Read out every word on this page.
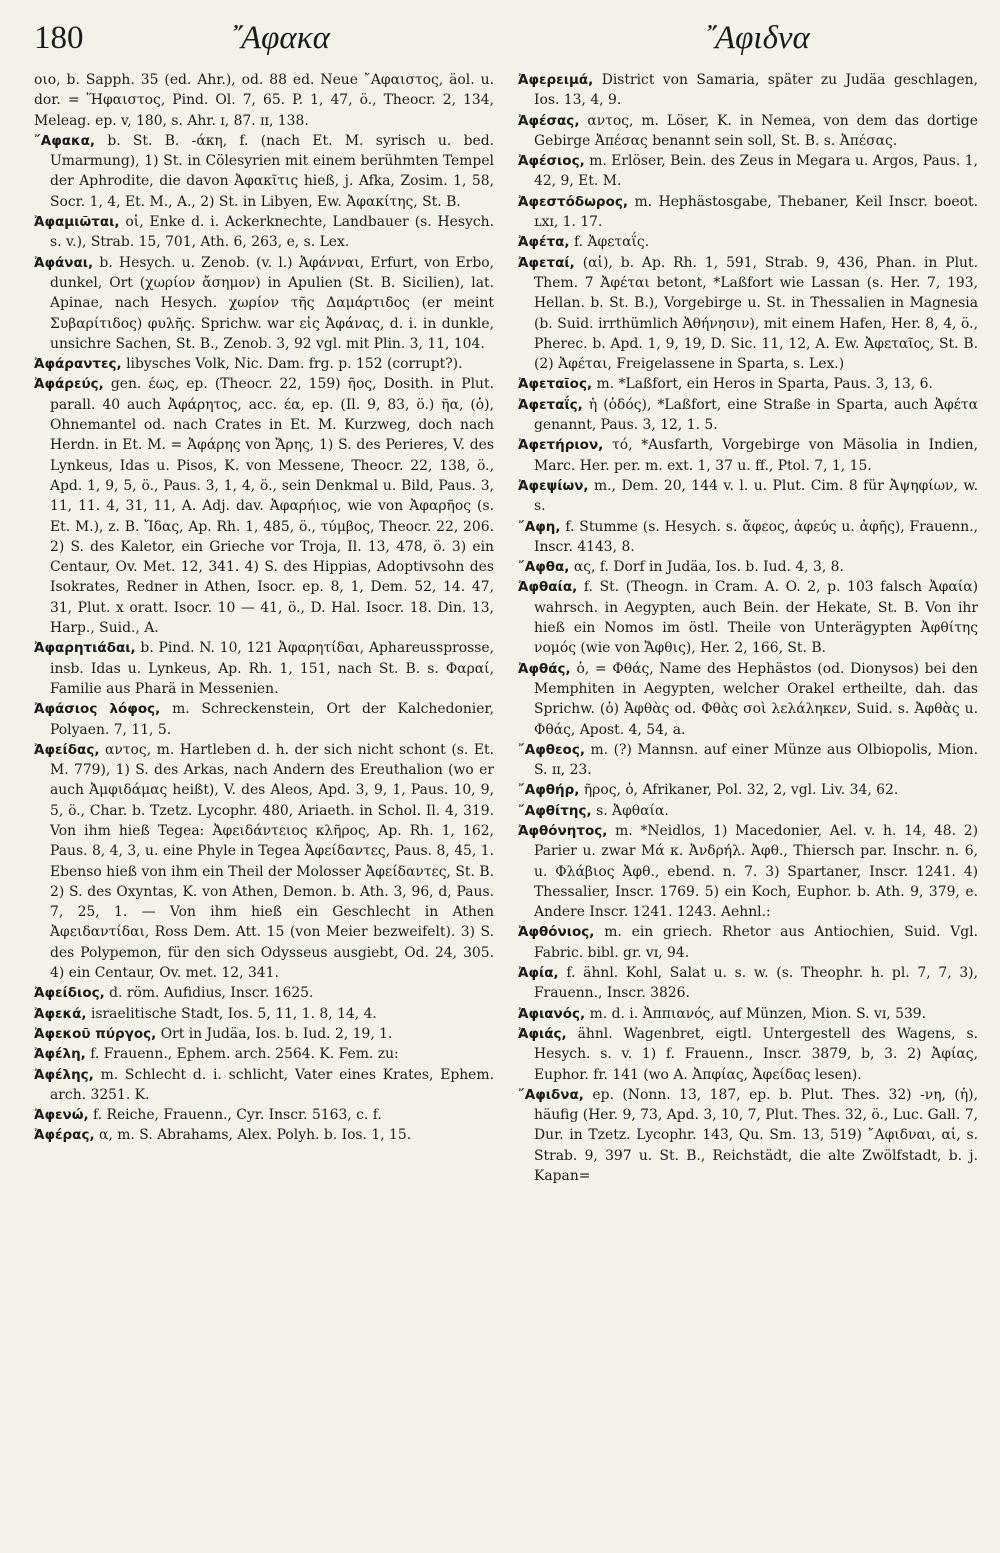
180	῎Αφακα	῎Αφιδνα

οιο, b. Sapph. 35 (ed. Ahr.), od. 88 ed. Neue ῎Αφαιστος, äol. u. dor. = Ἥφαιστος, Pind. Ol. 7, 65. P. 1, 47, ö., Theocr. 2, 134, Meleag. ep. v, 180, s. Ahr. ɪ, 87. ɪɪ, 138.

῎Αφακα, b. St. B. -άκη, f. (nach Et. M. syrisch u. bed. Umarmung), 1) St. in Cölesyrien mit einem berühmten Tempel der Aphrodite, die davon Ἀφακῖτις hieß, j. Afka, Zosim. 1, 58, Socr. 1, 4, Et. M., A., 2) St. in Libyen, Ew. Ἀφακίτης, St. B.

Ἀφαμιῶται, οἱ, Enke d. i. Ackerknechte, Landbauer (s. Hesych. s. v.), Strab. 15, 701, Ath. 6, 263, e, s. Lex.

Ἀφάναι, b. Hesych. u. Zenob. (v. l.) Ἀφάνναι, Erfurt, von Erbo, dunkel, Ort (χωρίον ἄσημον) in Apulien (St. B. Sicilien), lat. Apinae, nach Hesych. χωρίον τῆς Δαμάρτιδος (er meint Συβαρίτιδος) φυλῆς. Sprichw. war εἰς Ἀφάνας, d. i. in dunkle, unsichre Sachen, St. B., Zenob. 3, 92 vgl. mit Plin. 3, 11, 104.

Ἀφάραντες, libysches Volk, Nic. Dam. frg. p. 152 (corrupt?).

Ἀφάρεύς, gen. έως, ep. (Theocr. 22, 159) ῆος, Dosith. in Plut. parall. 40 auch Ἀφάρητος, acc. έα, ep. (Il. 9, 83, ö.) ῆα, (ὁ), Ohnemantel od. nach Crates in Et. M. Kurzweg, doch nach Herdn. in Et. M. = Ἀφάρης von Ἄρης, 1) S. des Perieres, V. des Lynkeus, Idas u. Pisos, K. von Messene, Theocr. 22, 138, ö., Apd. 1, 9, 5, ö., Paus. 3, 1, 4, ö., sein Denkmal u. Bild, Paus. 3, 11, 11. 4, 31, 11, A. Adj. dav. Ἀφαρήιος, wie von Ἀφαρῆος (s. Et. M.), z. B. Ἴδας, Ap. Rh. 1, 485, ö., τύμβος, Theocr. 22, 206. 2) S. des Kaletor, ein Grieche vor Troja, Il. 13, 478, ö. 3) ein Centaur, Ov. Met. 12, 341. 4) S. des Hippias, Adoptivsohn des Isokrates, Redner in Athen, Isocr. ep. 8, 1, Dem. 52, 14. 47, 31, Plut. x oratt. Isocr. 10 — 41, ö., D. Hal. Isocr. 18. Din. 13, Harp., Suid., A.

Ἀφαρητιάδαι, b. Pind. N. 10, 121 Ἀφαρητίδαι, Aphareussprosse, insb. Idas u. Lynkeus, Ap. Rh. 1, 151, nach St. B. s. Φαραί, Familie aus Pharä in Messenien.

Ἀφάσιος λόφος, m. Schreckenstein, Ort der Kalchedonier, Polyaen. 7, 11, 5.

Ἀφείδας, αντος, m. Hartleben d. h. der sich nicht schont (s. Et. M. 779), 1) S. des Arkas, nach Andern des Ereuthalion (wo er auch Ἀμφιδάμας heißt), V. des Aleos, Apd. 3, 9, 1, Paus. 10, 9, 5, ö., Char. b. Tzetz. Lycophr. 480, Ariaeth. in Schol. Il. 4, 319. Von ihm hieß Tegea: Ἀφειδάντειος κλῆρος, Ap. Rh. 1, 162, Paus. 8, 4, 3, u. eine Phyle in Tegea Ἀφείδαντες, Paus. 8, 45, 1. Ebenso hieß von ihm ein Theil der Molosser Ἀφείδαντες, St. B. 2) S. des Oxyntas, K. von Athen, Demon. b. Ath. 3, 96, d, Paus. 7, 25, 1. — Von ihm hieß ein Geschlecht in Athen Ἀφειδαντίδαι, Ross Dem. Att. 15 (von Meier bezweifelt). 3) S. des Polypemon, für den sich Odysseus ausgiebt, Od. 24, 305. 4) ein Centaur, Ov. met. 12, 341.

Ἀφείδιος, d. röm. Aufidius, Inscr. 1625.

Ἀφεκά, israelitische Stadt, Ios. 5, 11, 1. 8, 14, 4.

Ἀφεκοῦ πύργος, Ort in Judäa, Ios. b. Iud. 2, 19, 1.

Ἀφέλη, f. Frauenn., Ephem. arch. 2564. K. Fem. zu:

Ἀφέλης, m. Schlecht d. i. schlicht, Vater eines Krates, Ephem. arch. 3251. K.

Ἀφενώ, f. Reiche, Frauenn., Cyr. Inscr. 5163, c. f.

Ἀφέρας, α, m. S. Abrahams, Alex. Polyh. b. Ios. 1, 15.

Ἀφερειμά, District von Samaria, später zu Judäa geschlagen, Ios. 13, 4, 9.

Ἀφέσας, αντος, m. Löser, K. in Nemea, von dem das dortige Gebirge Ἀπέσας benannt sein soll, St. B. s. Ἀπέσας.

Ἀφέσιος, m. Erlöser, Bein. des Zeus in Megara u. Argos, Paus. 1, 42, 9, Et. M.

Ἀφεστόδωρος, m. Hephästosgabe, Thebaner, Keil Inscr. boeot. ʟxɪ, 1. 17.

Ἀφέτα, f. Ἀφεταΐς.

Ἀφεταί, (αἱ), b. Ap. Rh. 1, 591, Strab. 9, 436, Phan. in Plut. Them. 7 Ἀφέται betont, *Laßfort wie Lassan (s. Her. 7, 193, Hellan. b. St. B.), Vorgebirge u. St. in Thessalien in Magnesia (b. Suid. irrthümlich Ἀθήνησιν), mit einem Hafen, Her. 8, 4, ö., Pherec. b. Apd. 1, 9, 19, D. Sic. 11, 12, A. Ew. Ἀφεταῖος, St. B. (2) Ἀφέται, Freigelassene in Sparta, s. Lex.)

Ἀφεταῖος, m. *Laßfort, ein Heros in Sparta, Paus. 3, 13, 6.

Ἀφεταΐς, ἡ (ὁδός), *Laßfort, eine Straße in Sparta, auch Ἀφέτα genannt, Paus. 3, 12, 1. 5.

Ἀφετήριον, τό, *Ausfarth, Vorgebirge von Mäsolia in Indien, Marc. Her. per. m. ext. 1, 37 u. ff., Ptol. 7, 1, 15.

Ἀφεψίων, m., Dem. 20, 144 v. l. u. Plut. Cim. 8 für Ἀψηφίων, w. s.

῎Αφη, f. Stumme (s. Hesych. s. ἄφεος, ἀφεύς u. ἀφῆς), Frauenn., Inscr. 4143, 8.

῎Αφθα, ας, f. Dorf in Judäa, Ios. b. Iud. 4, 3, 8.

Ἀφθαία, f. St. (Theogn. in Cram. A. O. 2, p. 103 falsch Ἀφαία) wahrsch. in Aegypten, auch Bein. der Hekate, St. B. Von ihr hieß ein Nomos im östl. Theile von Unterägypten Ἀφθίτης νομός (wie von Ἄφθις), Her. 2, 166, St. B.

Ἀφθάς, ὁ, = Φθάς, Name des Hephästos (od. Dionysos) bei den Memphiten in Aegypten, welcher Orakel ertheilte, dah. das Sprichw. (ὁ) Ἀφθὰς od. Φθὰς σοὶ λελάληκεν, Suid. s. Ἀφθὰς u. Φθάς, Apost. 4, 54, a.

῎Αφθεος, m. (?) Mannsn. auf einer Münze aus Olbiopolis, Mion. S. ɪɪ, 23.

῎Αφθήρ, ῆρος, ὁ, Afrikaner, Pol. 32, 2, vgl. Liv. 34, 62.

῎Αφθίτης, s. Ἀφθαία.

Ἀφθόνητος, m. *Neidlos, 1) Macedonier, Ael. v. h. 14, 48. 2) Parier u. zwar Μά κ. Ἀνδρήλ. Ἀφθ., Thiersch par. Inschr. n. 6, u. Φλάβιος Ἀφθ., ebend. n. 7. 3) Spartaner, Inscr. 1241. 4) Thessalier, Inscr. 1769. 5) ein Koch, Euphor. b. Ath. 9, 379, e. Andere Inscr. 1241. 1243. Aehnl.:

Ἀφθόνιος, m. ein griech. Rhetor aus Antiochien, Suid. Vgl. Fabric. bibl. gr. ᴠɪ, 94.

Ἀφία, f. ähnl. Kohl, Salat u. s. w. (s. Theophr. h. pl. 7, 7, 3), Frauenn., Inscr. 3826.

Ἀφιανός, m. d. i. Ἀππιανός, auf Münzen, Mion. S. ᴠɪ, 539.

Ἀφιάς, ähnl. Wagenbret, eigtl. Untergestell des Wagens, s. Hesych. s. v. 1) f. Frauenn., Inscr. 3879, b, 3. 2) Ἀφίας, Euphor. fr. 141 (wo A. Ἀπφίας, Ἀφείδας lesen).

῎Αφιδνα, ep. (Nonn. 13, 187, ep. b. Plut. Thes. 32) -νη, (ἡ), häufig (Her. 9, 73, Apd. 3, 10, 7, Plut. Thes. 32, ö., Luc. Gall. 7, Dur. in Tzetz. Lycophr. 143, Qu. Sm. 13, 519) ῎Αφιδναι, αἱ, s. Strab. 9, 397 u. St. B., Reichstädt, die alte Zwölfstadt, b. j. Kapan=
